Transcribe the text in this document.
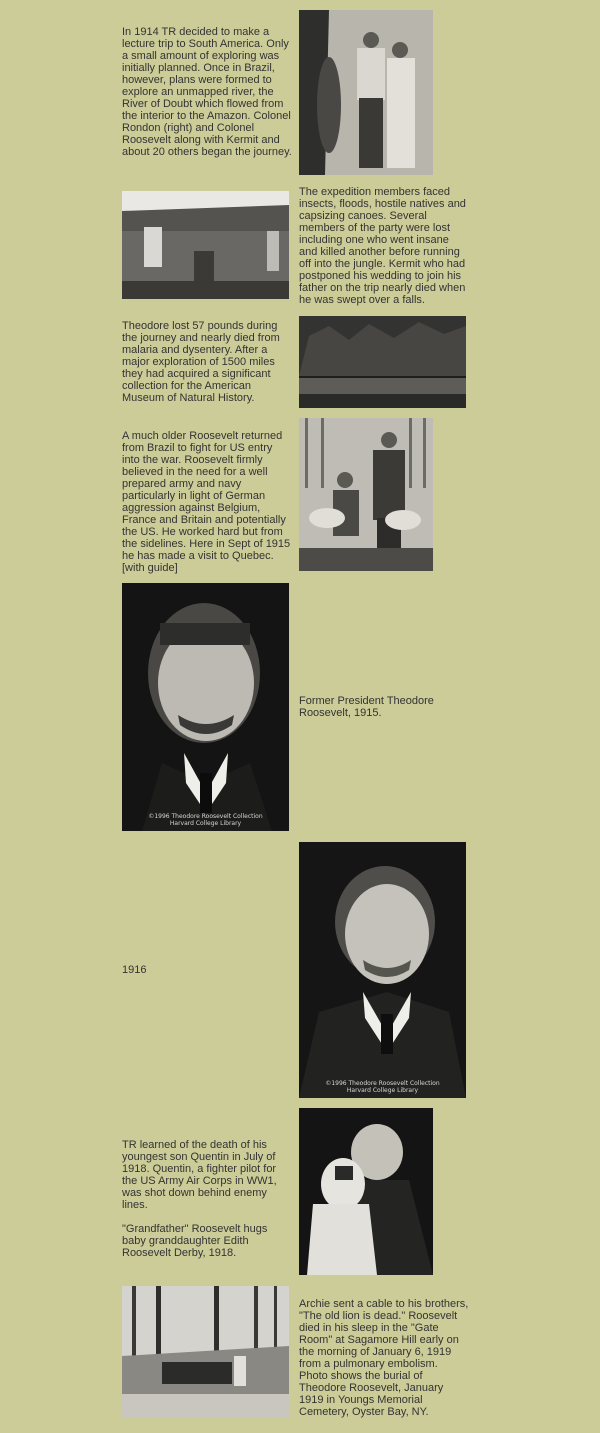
In 1914 TR decided to make a lecture trip to South America. Only a small amount of exploring was initially planned. Once in Brazil, however, plans were formed to explore an unmapped river, the River of Doubt which flowed from the interior to the Amazon. Colonel Rondon (right) and Colonel Roosevelt along with Kermit and about 20 others began the journey.

The expedition members faced insects, floods, hostile natives and capsizing canoes. Several members of the party were lost including one who went insane and killed another before running off into the jungle. Kermit who had postponed his wedding to join his father on the trip nearly died when he was swept over a falls.

Theodore lost 57 pounds during the journey and nearly died from malaria and dysentery. After a major exploration of 1500 miles they had acquired a significant collection for the American Museum of Natural History.

A much older Roosevelt returned from Brazil to fight for US entry into the war. Roosevelt firmly believed in the need for a well prepared army and navy particularly in light of German aggression against Belgium, France and Britain and potentially the US. He worked hard but from the sidelines. Here in Sept of 1915 he has made a visit to Quebec. [with guide]

©1996 Theodore Roosevelt Collection
Harvard College Library

Former President Theodore Roosevelt, 1915.

1916

©1996 Theodore Roosevelt Collection
Harvard College Library

TR learned of the death of his youngest son Quentin in July of 1918. Quentin, a fighter pilot for the US Army Air Corps in WW1, was shot down behind enemy lines.

"Grandfather" Roosevelt hugs baby granddaughter Edith Roosevelt Derby, 1918.

Archie sent a cable to his brothers, "The old lion is dead." Roosevelt died in his sleep in the "Gate Room" at Sagamore Hill early on the morning of January 6, 1919 from a pulmonary embolism. Photo shows the burial of Theodore Roosevelt, January 1919 in Youngs Memorial Cemetery, Oyster Bay, NY.
